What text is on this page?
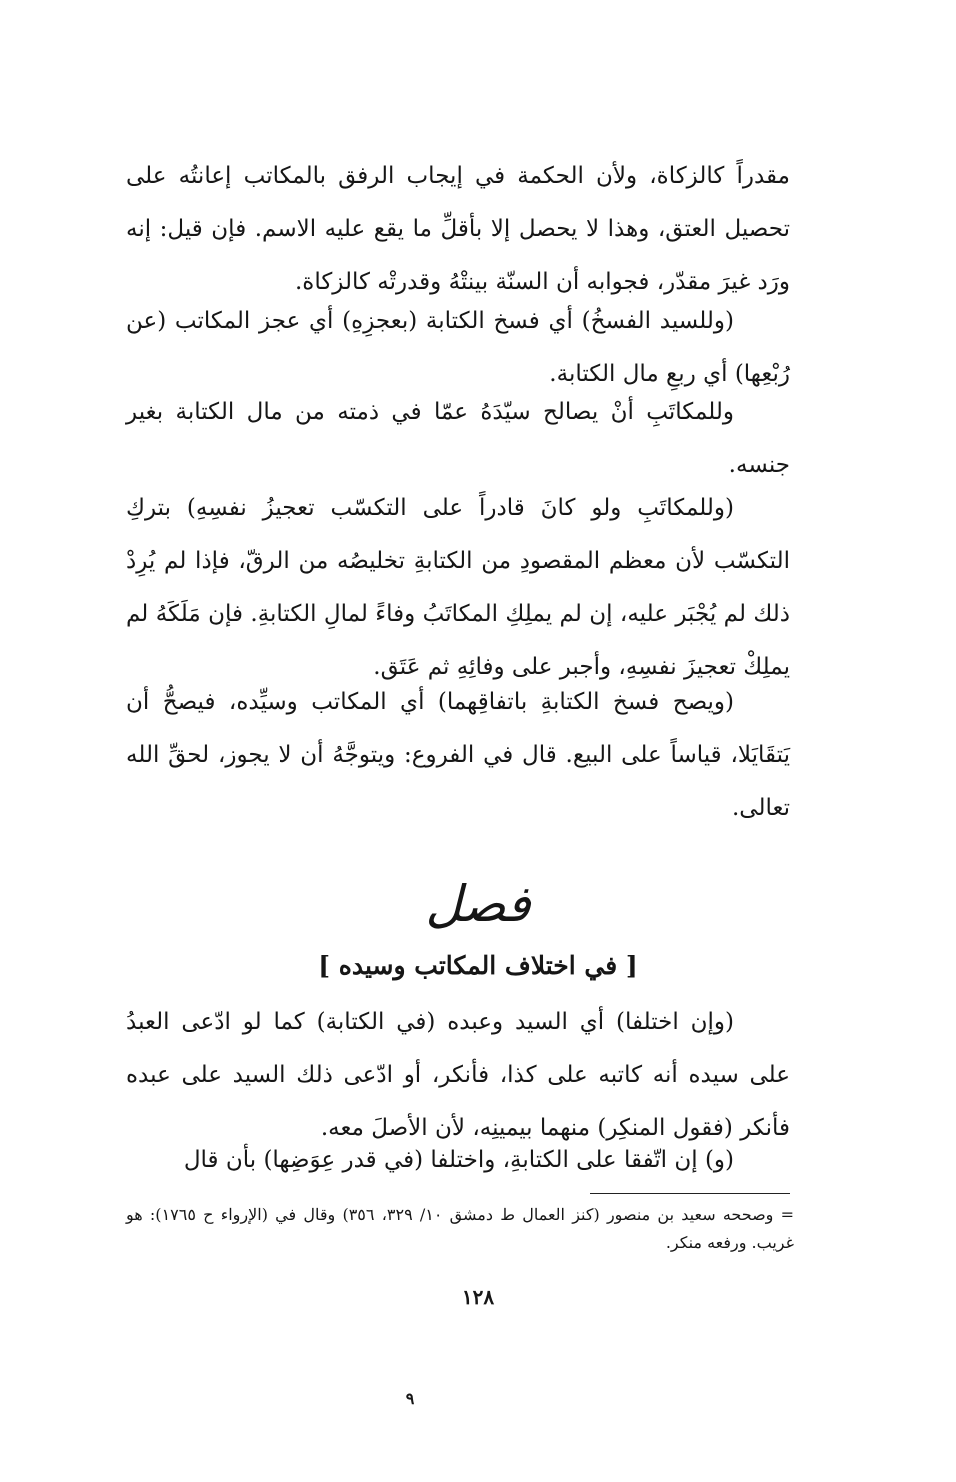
مقدراً كالزكاة، ولأن الحكمة في إيجاب الرفق بالمكاتب إعانتُه على تحصيل العتق، وهذا لا يحصل إلا بأقلِّ ما يقع عليه الاسم. فإن قيل: إنه ورَد غيرَ مقدّر، فجوابه أن السنّة بينتْهُ وقدرتْه كالزكاة.

(وللسيد الفسخُ) أي فسخ الكتابة (بعجزِهِ) أي عجز المكاتب (عن رُبْعِها) أي ربعِ مال الكتابة.

وللمكاتَبِ أنْ يصالح سيّدَهُ عمّا في ذمته من مال الكتابة بغير جنسه.

(وللمكاتَبِ ولو كانَ قادراً على التكسّب تعجيزُ نفسِهِ) بتركِ التكسّب لأن معظم المقصودِ من الكتابةِ تخليصُه من الرقّ، فإذا لم يُرِدْ ذلك لم يُجْبَر عليه، إن لم يملِكِ المكاتَبُ وفاءً لمالِ الكتابةِ. فإن مَلَكَهُ لم يملِكْ تعجيزَ نفسِهِ، وأجبر على وفائِهِ ثم عَتَق.

(ويصح فسخ الكتابةِ باتفاقِهما) أي المكاتب وسيِّده، فيصحُّ أن يَتقَايَلا، قياساً على البيع. قال في الفروع: ويتوجَّهُ أن لا يجوز، لحقِّ الله تعالى.

فصل
[ في اختلاف المكاتب وسيده ]

(وإن اختلفا) أي السيد وعبده (في الكتابة) كما لو ادّعى العبدُ على سيده أنه كاتبه على كذا، فأنكر، أو ادّعى ذلك السيد على عبده فأنكر (فقول المنكِر) منهما بيمينِه، لأن الأصلَ معه.

(و) إن اتّفقا على الكتابةِ، واختلفا (في قدر عِوَضِها) بأن قال

= وصححه سعيد بن منصور (كنز العمال ط دمشق ١٠/ ٣٢٩، ٣٥٦) وقال في (الإرواء ح ١٧٦٥): هو غريب. ورفعه منكر.

١٢٨
٩
